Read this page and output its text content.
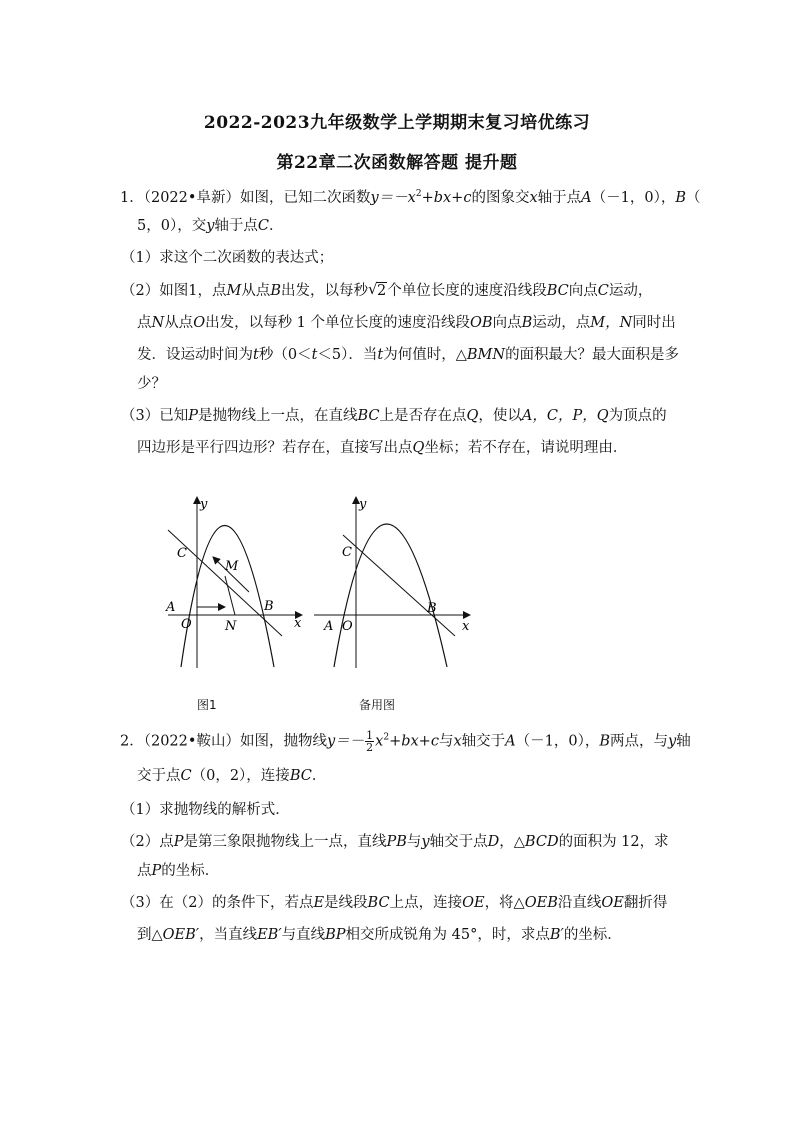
2022-2023九年级数学上学期期末复习培优练习
第22章二次函数解答题 提升题
1．（2022•阜新）如图，已知二次函数$y=-x^2+bx+c$的图象交x轴于点A（－1，0），B（
5，0），交y轴于点C．
（1）求这个二次函数的表达式；
（2）如图1，点M从点B出发，以每秒 √ 2个单位长度的速度沿线段BC向点C运动，
点N从点O出发，以每秒 1 个单位长度的速度沿线段OB向点B运动，点M，N同时出
发．设运动时间为t秒（0＜t＜5）．当t为何值时，△BMN的面积最大？最大面积是多
少？
（3）已知P是抛物线上一点，在直线BC上是否存在点Q，使以A，C，P，Q为顶点的
四边形是平行四边形？若存在，直接写出点Q坐标；若不存在，请说明理由．
y
x
C
M
A
O	N
B
y
x
C
A O
B
图1	备用图
2．（2022•鞍山）如图，抛物线$y=- \frac{1}{2} x^2+bx+c$与x轴交于A（－1，0），B两点，与y轴
交于点C（0，2），连接BC．
（1）求抛物线的解析式．
（2）点P是第三象限抛物线上一点，直线PB与y轴交于点D，△BCD的面积为 12，求
点P的坐标．
（3）在（2）的条件下，若点E是线段BC上点，连接OE，将△OEB沿直线OE翻折得
到△OEB′，当直线EB′与直线BP相交所成锐角为 45°，时，求点B′的坐标．
